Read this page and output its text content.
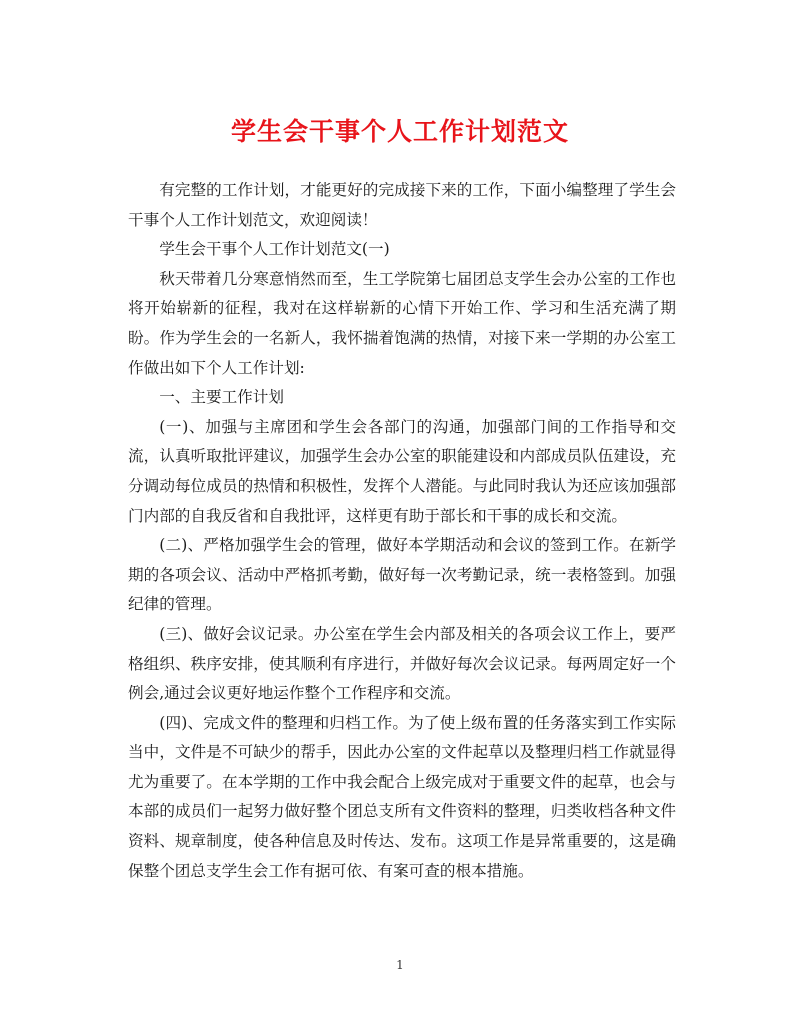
学生会干事个人工作计划范文

有完整的工作计划，才能更好的完成接下来的工作，下面小编整理了学生会干事个人工作计划范文，欢迎阅读！

学生会干事个人工作计划范文(一)

秋天带着几分寒意悄然而至，生工学院第七届团总支学生会办公室的工作也将开始崭新的征程，我对在这样崭新的心情下开始工作、学习和生活充满了期盼。作为学生会的一名新人，我怀揣着饱满的热情，对接下来一学期的办公室工作做出如下个人工作计划:

一、主要工作计划

(一)、加强与主席团和学生会各部门的沟通，加强部门间的工作指导和交流，认真听取批评建议，加强学生会办公室的职能建设和内部成员队伍建设，充分调动每位成员的热情和积极性，发挥个人潜能。与此同时我认为还应该加强部门内部的自我反省和自我批评，这样更有助于部长和干事的成长和交流。

(二)、严格加强学生会的管理，做好本学期活动和会议的签到工作。在新学期的各项会议、活动中严格抓考勤，做好每一次考勤记录，统一表格签到。加强纪律的管理。

(三)、做好会议记录。办公室在学生会内部及相关的各项会议工作上，要严格组织、秩序安排，使其顺利有序进行，并做好每次会议记录。每两周定好一个例会,通过会议更好地运作整个工作程序和交流。

(四)、完成文件的整理和归档工作。为了使上级布置的任务落实到工作实际当中，文件是不可缺少的帮手，因此办公室的文件起草以及整理归档工作就显得尤为重要了。在本学期的工作中我会配合上级完成对于重要文件的起草，也会与本部的成员们一起努力做好整个团总支所有文件资料的整理，归类收档各种文件资料、规章制度，使各种信息及时传达、发布。这项工作是异常重要的，这是确保整个团总支学生会工作有据可依、有案可查的根本措施。

1
